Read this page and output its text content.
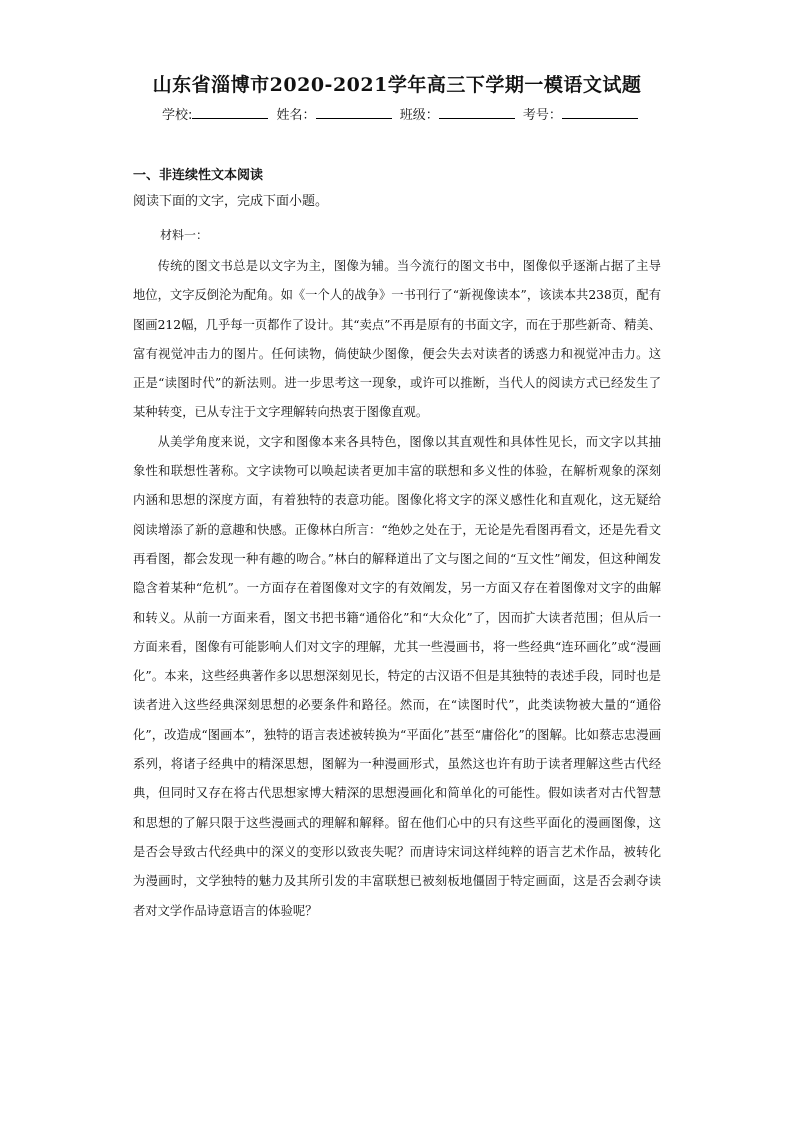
山东省淄博市2020-2021学年高三下学期一模语文试题
学校:	姓名：	班级：	考号：
一、非连续性文本阅读
阅读下面的文字，完成下面小题。
材料一：

传统的图文书总是以文字为主，图像为辅。当今流行的图文书中，图像似乎逐渐占据了主导地位，文字反倒沦为配角。如《一个人的战争》一书刊行了“新视像读本”，该读本共238页，配有图画212幅，几乎每一页都作了设计。其“卖点”不再是原有的书面文字，而在于那些新奇、精美、富有视觉冲击力的图片。任何读物，倘使缺少图像，便会失去对读者的诱惑力和视觉冲击力。这正是“读图时代”的新法则。进一步思考这一现象，或许可以推断，当代人的阅读方式已经发生了某种转变，已从专注于文字理解转向热衷于图像直观。

从美学角度来说，文字和图像本来各具特色，图像以其直观性和具体性见长，而文字以其抽象性和联想性著称。文字读物可以唤起读者更加丰富的联想和多义性的体验，在解析观象的深刻内涵和思想的深度方面，有着独特的表意功能。图像化将文字的深义感性化和直观化，这无疑给阅读增添了新的意趣和快感。正像林白所言：“绝妙之处在于，无论是先看图再看文，还是先看文再看图，都会发现一种有趣的吻合。”林白的解释道出了文与图之间的“互文性”阐发，但这种阐发隐含着某种“危机”。一方面存在着图像对文字的有效阐发，另一方面又存在着图像对文字的曲解和转义。从前一方面来看，图文书把书籍“通俗化”和“大众化”了，因而扩大读者范围；但从后一方面来看，图像有可能影响人们对文字的理解，尤其一些漫画书，将一些经典“连环画化”或“漫画化”。本来，这些经典著作多以思想深刻见长，特定的古汉语不但是其独特的表述手段，同时也是读者进入这些经典深刻思想的必要条件和路径。然而，在“读图时代”，此类读物被大量的“通俗化”，改造成“图画本”，独特的语言表述被转换为“平面化”甚至“庸俗化”的图解。比如蔡志忠漫画系列，将诸子经典中的精深思想，图解为一种漫画形式，虽然这也许有助于读者理解这些古代经典，但同时又存在将古代思想家博大精深的思想漫画化和简单化的可能性。假如读者对古代智慧和思想的了解只限于这些漫画式的理解和解释。留在他们心中的只有这些平面化的漫画图像，这是否会导致古代经典中的深义的变形以致丧失呢？而唐诗宋词这样纯粹的语言艺术作品，被转化为漫画时，文学独特的魅力及其所引发的丰富联想已被刻板地僵固于特定画面，这是否会剥夺读者对文学作品诗意语言的体验呢？
